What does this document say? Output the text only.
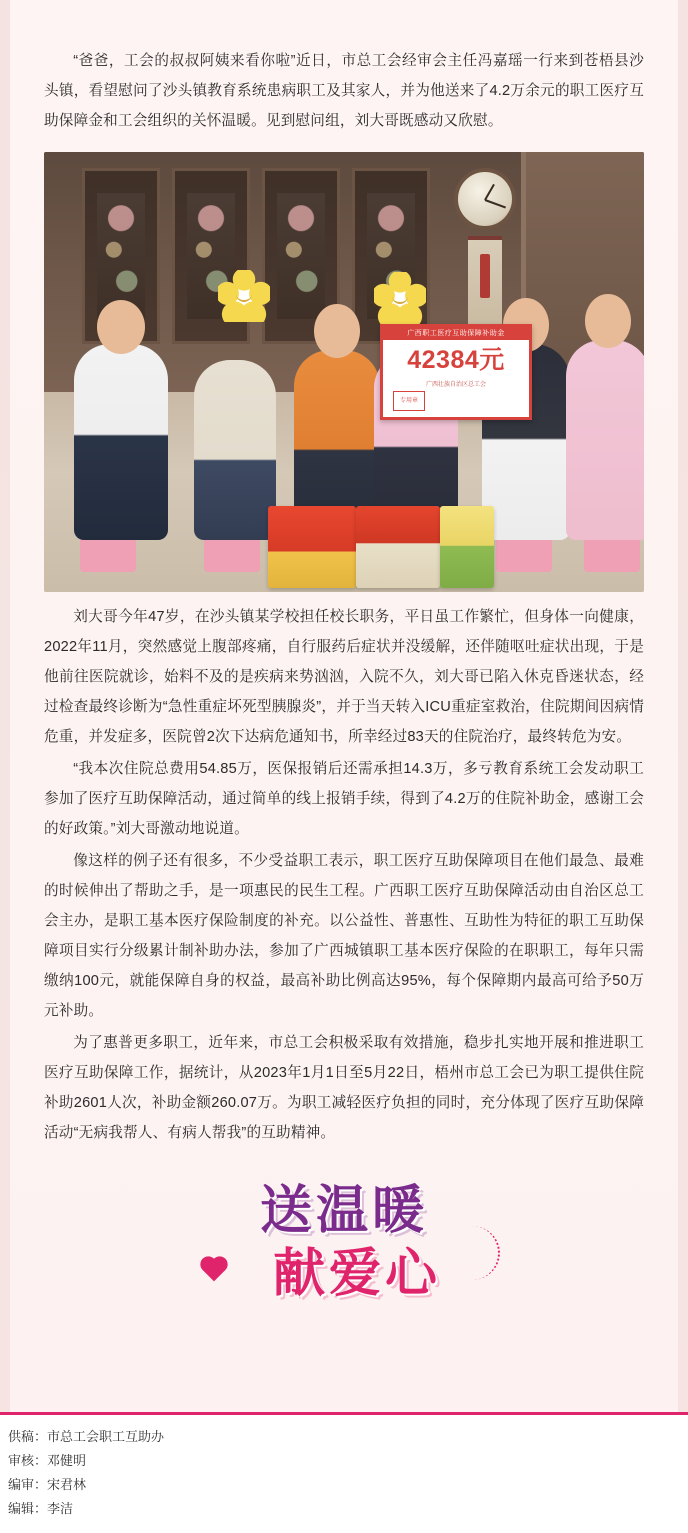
“爸爸，工会的叔叔阿姨来看你啦”近日，市总工会经审会主任冯嘉瑶一行来到苍梧县沙头镇，看望慰问了沙头镇教育系统患病职工及其家人，并为他送来了4.2万余元的职工医疗互助保障金和工会组织的关怀温暖。见到慰问组，刘大哥既感动又欣慰。

广西职工医疗互助保障补助金
42384元
广西壮族自治区总工会
专用章

刘大哥今年47岁，在沙头镇某学校担任校长职务，平日虽工作繁忙，但身体一向健康，2022年11月，突然感觉上腹部疼痛，自行服药后症状并没缓解，还伴随呕吐症状出现，于是他前往医院就诊，始料不及的是疾病来势汹汹，入院不久，刘大哥已陷入休克昏迷状态，经过检查最终诊断为“急性重症坏死型胰腺炎”，并于当天转入ICU重症室救治，住院期间因病情危重，并发症多，医院曾2次下达病危通知书，所幸经过83天的住院治疗，最终转危为安。

“我本次住院总费用54.85万，医保报销后还需承担14.3万，多亏教育系统工会发动职工参加了医疗互助保障活动，通过简单的线上报销手续，得到了4.2万的住院补助金，感谢工会的好政策。”刘大哥激动地说道。

像这样的例子还有很多，不少受益职工表示，职工医疗互助保障项目在他们最急、最难的时候伸出了帮助之手，是一项惠民的民生工程。广西职工医疗互助保障活动由自治区总工会主办，是职工基本医疗保险制度的补充。以公益性、普惠性、互助性为特征的职工互助保障项目实行分级累计制补助办法，参加了广西城镇职工基本医疗保险的在职职工，每年只需缴纳100元，就能保障自身的权益，最高补助比例高达95%，每个保障期内最高可给予50万元补助。

为了惠普更多职工，近年来，市总工会积极采取有效措施，稳步扎实地开展和推进职工医疗互助保障工作，据统计，从2023年1月1日至5月22日，梧州市总工会已为职工提供住院补助2601人次，补助金额260.07万。为职工减轻医疗负担的同时，充分体现了医疗互助保障活动“无病我帮人、有病人帮我”的互助精神。

送温暖
献爱心
供稿：市总工会职工互助办
审核：邓健明
编审：宋君林
编辑：李洁
